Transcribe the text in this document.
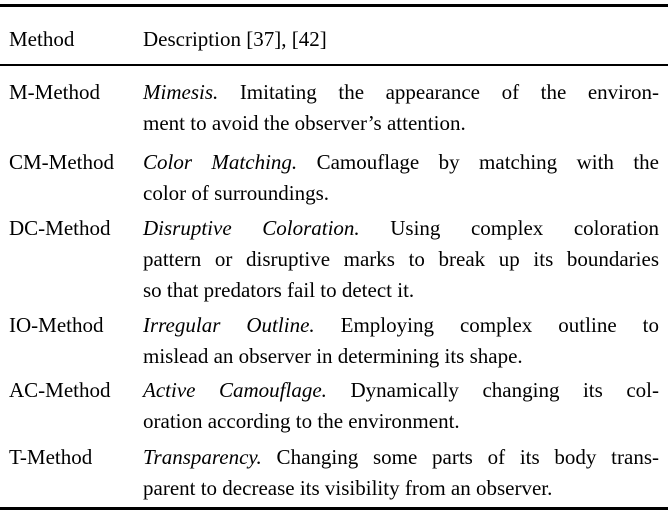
Method	Description [37], [42]
M-Method Mimesis. Imitating the appearance of the environ-
ment to avoid the observer’s attention.
CM-Method Color Matching. Camouflage by matching with the
color of surroundings.
DC-Method Disruptive Coloration. Using complex coloration
pattern or disruptive marks to break up its boundaries
so that predators fail to detect it.
IO-Method Irregular Outline. Employing complex outline to
mislead an observer in determining its shape.
AC-Method Active Camouflage. Dynamically changing its col-
oration according to the environment.
T-Method Transparency. Changing some parts of its body trans-
parent to decrease its visibility from an observer.
